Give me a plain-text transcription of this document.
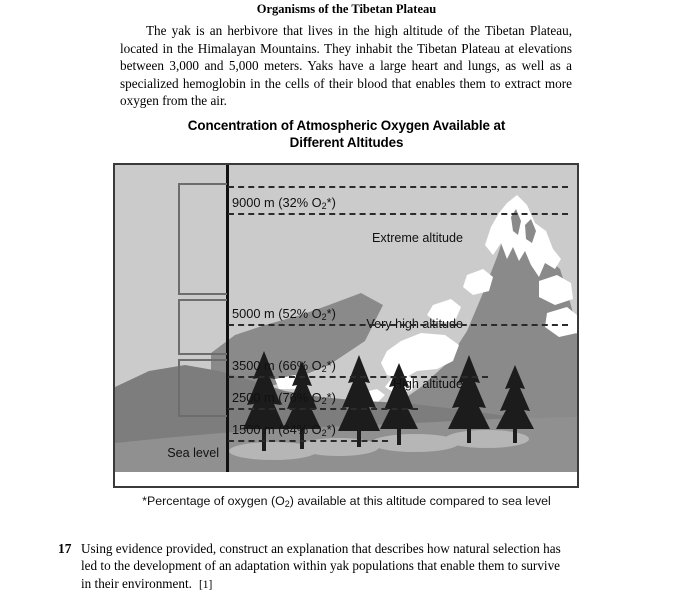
Organisms of the Tibetan Plateau
The yak is an herbivore that lives in the high altitude of the Tibetan Plateau, located in the Himalayan Mountains. They inhabit the Tibetan Plateau at elevations between 3,000 and 5,000 meters. Yaks have a large heart and lungs, as well as a specialized hemoglobin in the cells of their blood that enables them to extract more oxygen from the air.
Concentration of Atmospheric Oxygen Available at
Different Altitudes
Extreme altitude
Very high altitude
High altitude
9000 m (32% $O_2*$)
5000 m (52% $O_2*$)
3500 m (66% $O_2*$)
2500 m (76% $O_2*$)
1500 m (84% $O_2*$)
Sea level
*Percentage of oxygen $(O_2)$ available at this altitude compared to sea level
17 Using evidence provided, construct an explanation that describes how natural selection has led to the development of an adaptation within yak populations that enable them to survive in their environment. [1]
